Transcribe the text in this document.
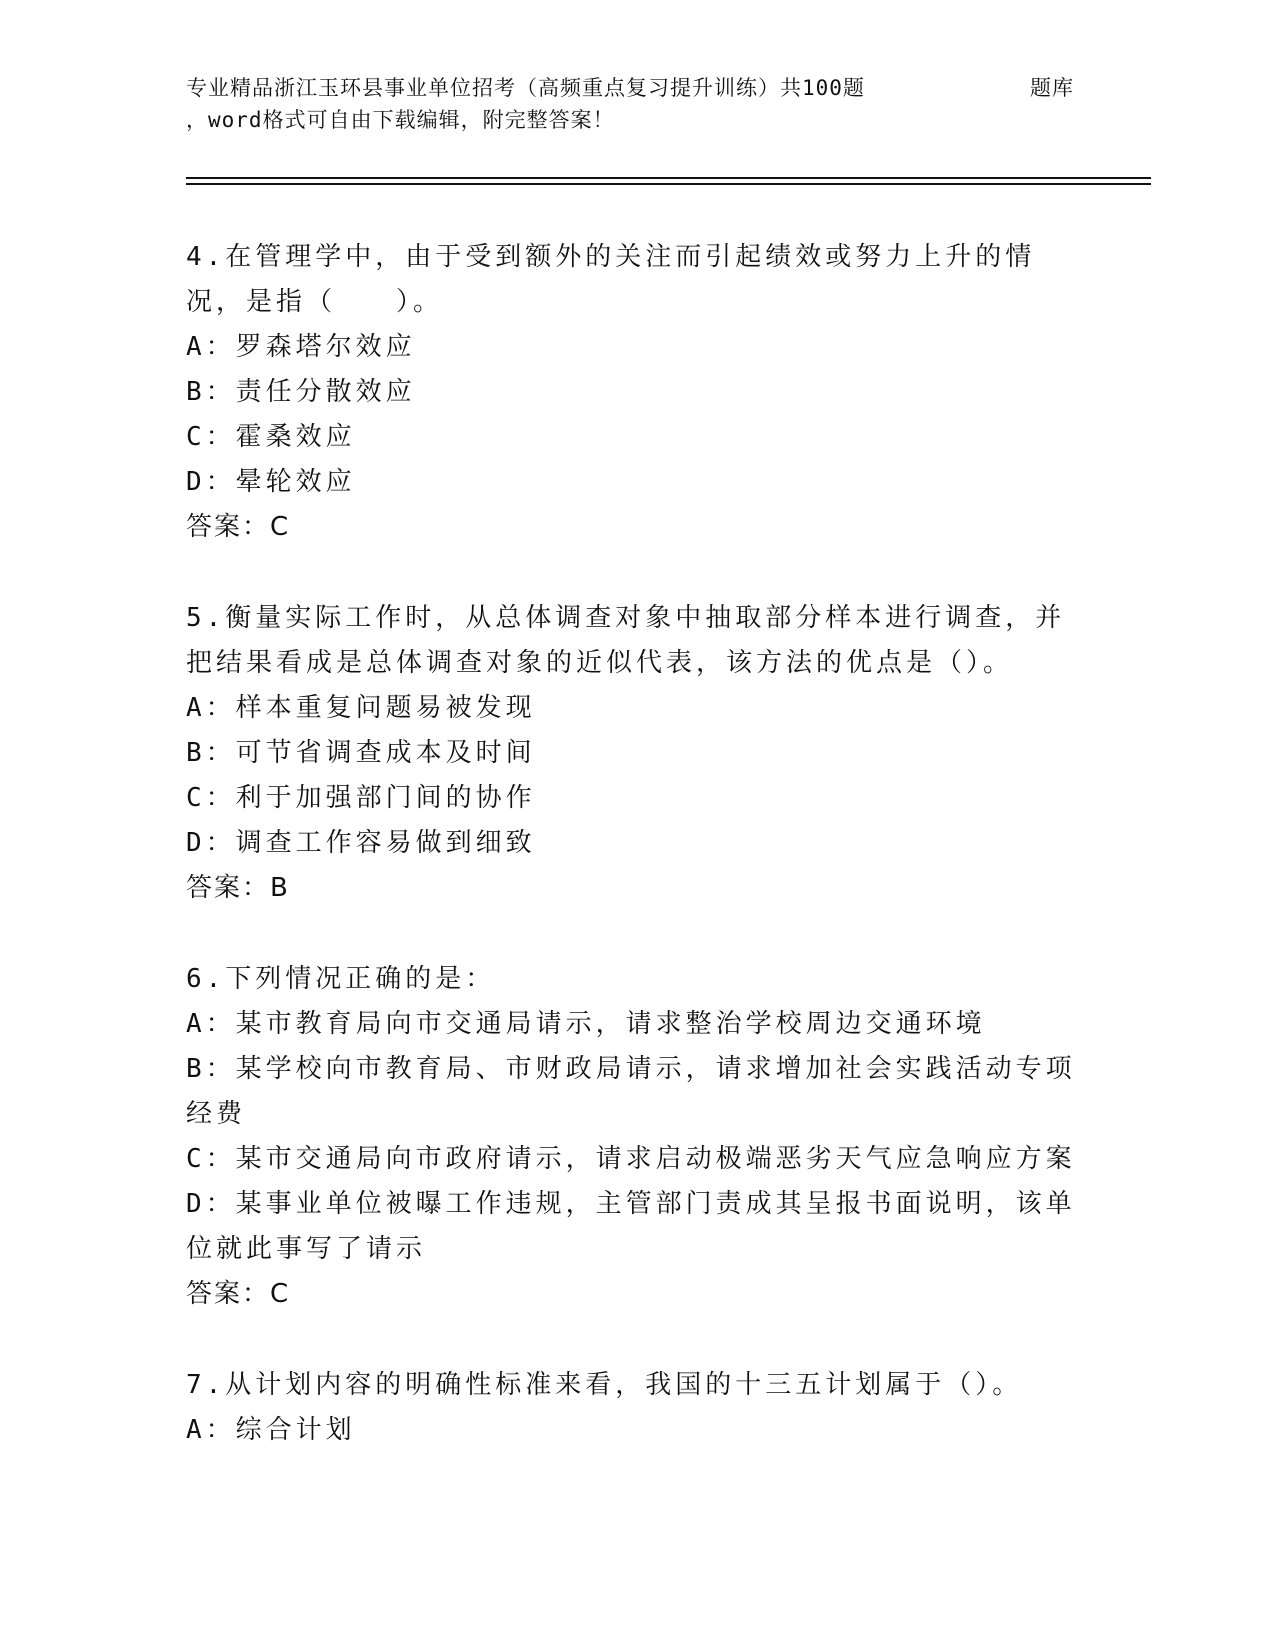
专业精品浙江玉环县事业单位招考（高频重点复习提升训练）共100题	题库
，word格式可自由下载编辑，附完整答案！
4.在管理学中，由于受到额外的关注而引起绩效或努力上升的情况，是指（　　）。
A：罗森塔尔效应
B：责任分散效应
C：霍桑效应
D：晕轮效应
答案：C
5.衡量实际工作时，从总体调查对象中抽取部分样本进行调查，并把结果看成是总体调查对象的近似代表，该方法的优点是（）。
A：样本重复问题易被发现
B：可节省调查成本及时间
C：利于加强部门间的协作
D：调查工作容易做到细致
答案：B
6.下列情况正确的是：
A：某市教育局向市交通局请示，请求整治学校周边交通环境
B：某学校向市教育局、市财政局请示，请求增加社会实践活动专项经费
C：某市交通局向市政府请示，请求启动极端恶劣天气应急响应方案
D：某事业单位被曝工作违规，主管部门责成其呈报书面说明，该单位就此事写了请示
答案：C
7.从计划内容的明确性标准来看，我国的十三五计划属于（）。
A：综合计划
